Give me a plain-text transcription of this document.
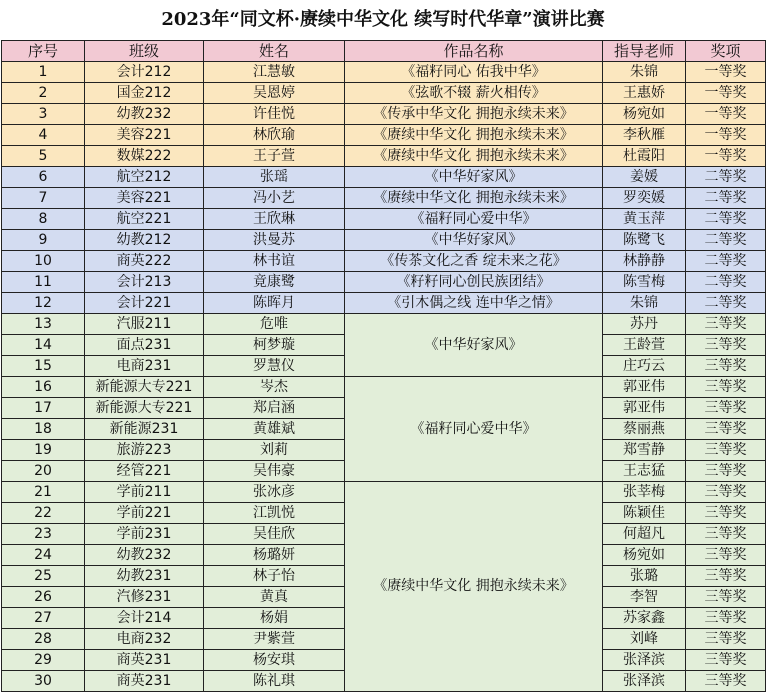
2023年“同文杯·赓续中华文化 续写时代华章”演讲比赛
序号	班级	姓名	作品名称	指导老师	奖项
1	会计212	江慧敏	《福籽同心 佑我中华》	朱锦	一等奖
2	国金212	吴恩婷	《弦歌不辍 薪火相传》	王惠娇	一等奖
3	幼教232	许佳悦	《传承中华文化 拥抱永续未来》	杨宛如	一等奖
4	美容221	林欣瑜	《赓续中华文化 拥抱永续未来》	李秋雁	一等奖
5	数媒222	王子萱	《赓续中华文化 拥抱永续未来》	杜霞阳	一等奖
6	航空212	张瑶	《中华好家风》	姜媛	二等奖
7	美容221	冯小艺	《赓续中华文化 拥抱永续未来》	罗奕媛	二等奖
8	航空221	王欣琳	《福籽同心爱中华》	黄玉萍	二等奖
9	幼教212	洪曼苏	《中华好家风》	陈鹭飞	二等奖
10	商英222	林书谊	《传茶文化之香 绽未来之花》	林静静	二等奖
11	会计213	竟康鹭	《籽籽同心创民族团结》	陈雪梅	二等奖
12	会计221	陈晖月	《引木偶之线 连中华之情》	朱锦	二等奖
13	汽服211	危唯	《中华好家风》	苏丹	三等奖
14	面点231	柯梦璇		王龄萱	三等奖
15	电商231	罗慧仪		庄巧云	三等奖
16	新能源大专221	岑杰	《福籽同心爱中华》	郭亚伟	三等奖
17	新能源大专221	郑启涵		郭亚伟	三等奖
18	新能源231	黄雄斌		蔡丽燕	三等奖
19	旅游223	刘莉		郑雪静	三等奖
20	经管221	吴伟豪		王志猛	三等奖
21	学前211	张冰彦	《赓续中华文化 拥抱永续未来》	张莘梅	三等奖
22	学前221	江凯悦		陈颖佳	三等奖
23	学前231	吴佳欣		何超凡	三等奖
24	幼教232	杨璐妍		杨宛如	三等奖
25	幼教231	林子怡		张璐	三等奖
26	汽修231	黄真		李智	三等奖
27	会计214	杨娟		苏家鑫	三等奖
28	电商232	尹紫萱		刘峰	三等奖
29	商英231	杨安琪		张泽滨	三等奖
30	商英231	陈礼琪		张泽滨	三等奖
